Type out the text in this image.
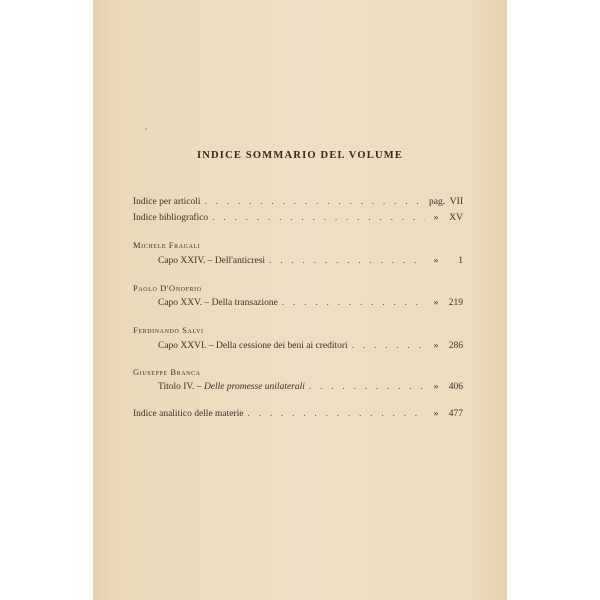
INDICE SOMMARIO DEL VOLUME
Indice per articoli . . .	pag. VII
Indice bibliografico . . .	»	XV
Michele Fragali
Capo XXIV. – Dell'anticresi . . .	»	1
Paolo D'Onofrio
Capo XXV. – Della transazione . . .	»	219
Ferdinando Salvi
Capo XXVI. – Della cessione dei beni ai creditori . . .	»	286
Giuseppe Branca
Titolo IV. – Delle promesse unilaterali . . .	»	406
Indice analitico delle materie . . .	»	477
